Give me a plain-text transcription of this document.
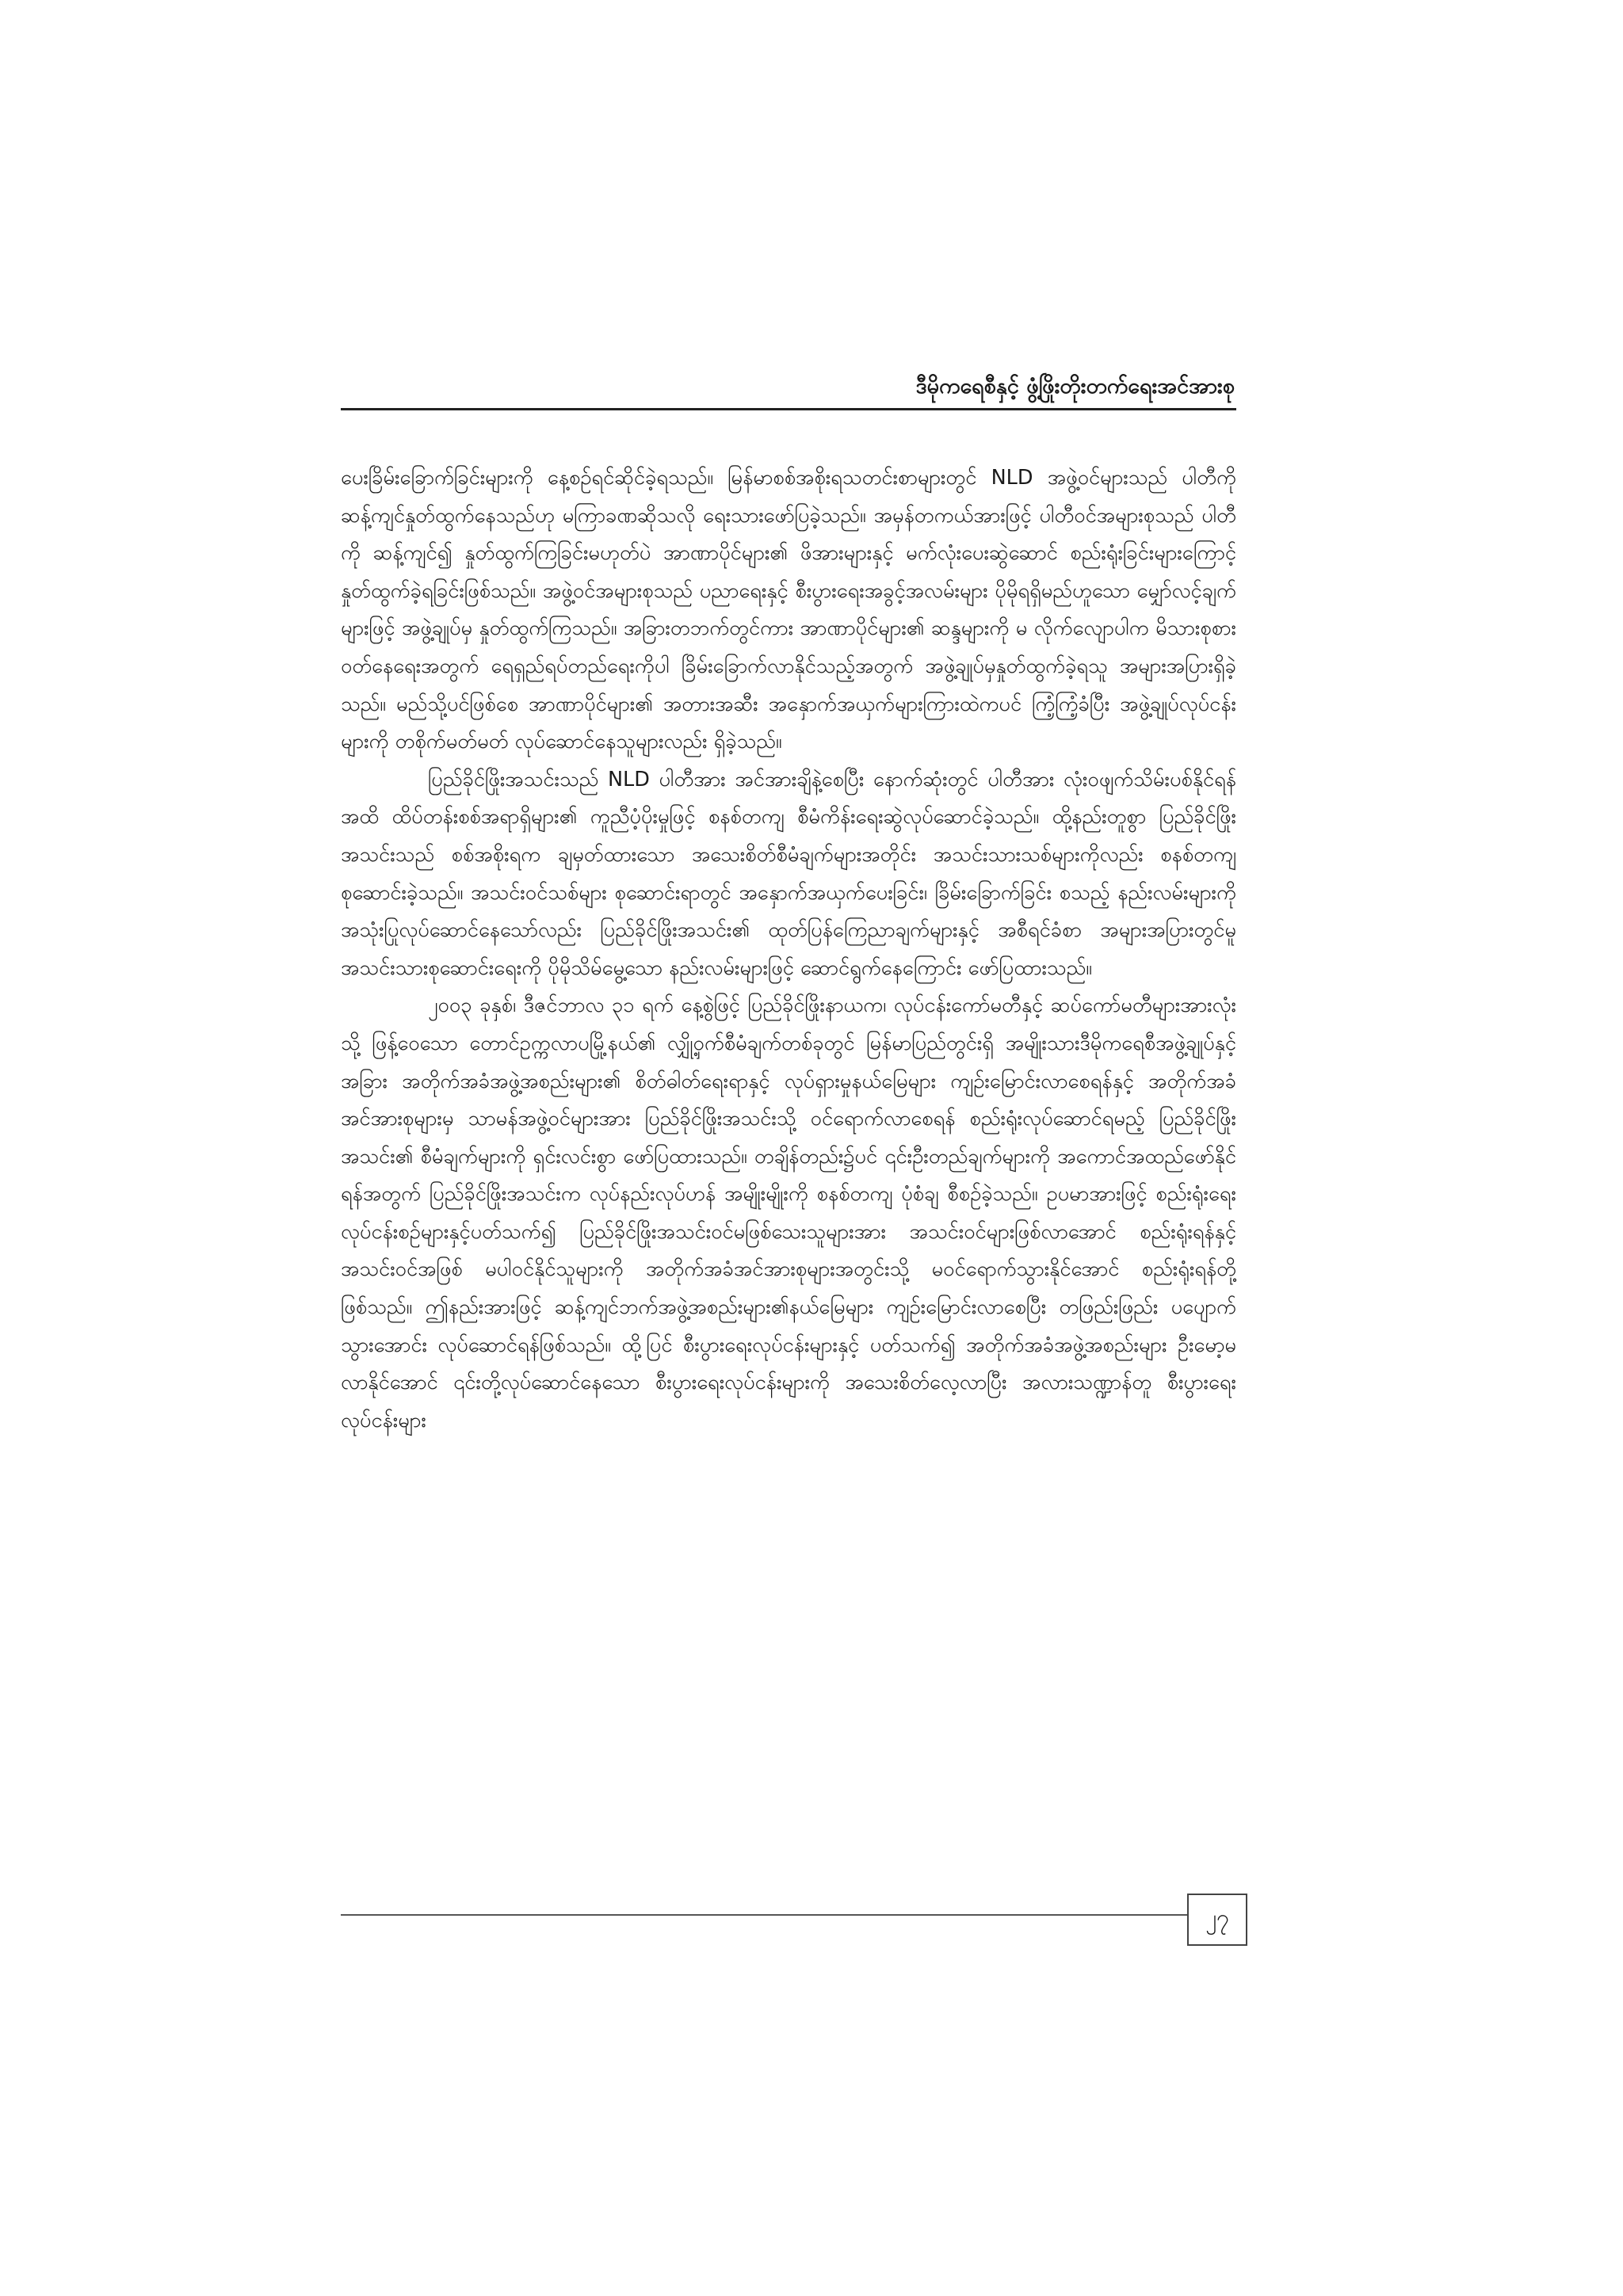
ဒီမိုကရေစီနှင့် ဖွံ့ဖြိုးတိုးတက်ရေးအင်အားစု

ပေးခြိမ်းခြောက်ခြင်းများကို နေ့စဉ်ရင်ဆိုင်ခဲ့ရသည်။ မြန်မာစစ်အစိုးရသတင်းစာများတွင် NLD အဖွဲ့ဝင်များသည် ပါတီကို ဆန့်ကျင်နှုတ်ထွက်နေသည်ဟု မကြာခဏဆိုသလို ရေးသားဖော်ပြခဲ့သည်။ အမှန်တကယ်အားဖြင့် ပါတီဝင်အများစုသည် ပါတီကို ဆန့်ကျင်၍ နှုတ်ထွက်ကြခြင်းမဟုတ်ပဲ အာဏာပိုင်များ၏ ဖိအားများနှင့် မက်လုံးပေးဆွဲဆောင် စည်းရုံးခြင်းများကြောင့် နှုတ်ထွက်ခဲ့ရခြင်းဖြစ်သည်။ အဖွဲ့ဝင်အများစုသည် ပညာရေးနှင့် စီးပွားရေးအခွင့်အလမ်းများ ပိုမိုရရှိမည်ဟူသော မျှော်လင့်ချက်များဖြင့် အဖွဲ့ချုပ်မှ နှုတ်ထွက်ကြသည်။ အခြားတဘက်တွင်ကား အာဏာပိုင်များ၏ ဆန္ဒများကို မ လိုက်လျောပါက မိသားစုစားဝတ်နေရေးအတွက် ရေရှည်ရပ်တည်ရေးကိုပါ ခြိမ်းခြောက်လာနိုင်သည့်အတွက် အဖွဲ့ချုပ်မှနှုတ်ထွက်ခဲ့ရသူ အများအပြားရှိခဲ့သည်။ မည်သို့ပင်ဖြစ်စေ အာဏာပိုင်များ၏ အတားအဆီး အနှောက်အယှက်များကြားထဲကပင် ကြံ့ကြံ့ခံပြီး အဖွဲ့ချုပ်လုပ်ငန်းများကို တစိုက်မတ်မတ် လုပ်ဆောင်နေသူများလည်း ရှိခဲ့သည်။

ပြည်ခိုင်ဖြိုးအသင်းသည် NLD ပါတီအား အင်အားချိနဲ့စေပြီး နောက်ဆုံးတွင် ပါတီအား လုံးဝဖျက်သိမ်းပစ်နိုင်ရန်အထိ ထိပ်တန်းစစ်အရာရှိများ၏ ကူညီပံ့ပိုးမှုဖြင့် စနစ်တကျ စီမံကိန်းရေးဆွဲလုပ်ဆောင်ခဲ့သည်။ ထို့နည်းတူစွာ ပြည်ခိုင်ဖြိုးအသင်းသည် စစ်အစိုးရက ချမှတ်ထားသော အသေးစိတ်စီမံချက်များအတိုင်း အသင်းသားသစ်များကိုလည်း စနစ်တကျ စုဆောင်းခဲ့သည်။ အသင်းဝင်သစ်များ စုဆောင်းရာတွင် အနှောက်အယှက်ပေးခြင်း၊ ခြိမ်းခြောက်ခြင်း စသည့် နည်းလမ်းများကို အသုံးပြုလုပ်ဆောင်နေသော်လည်း ပြည်ခိုင်ဖြိုးအသင်း၏ ထုတ်ပြန်ကြေညာချက်များနှင့် အစီရင်ခံစာ အများအပြားတွင်မူ အသင်းသားစုဆောင်းရေးကို ပိုမိုသိမ်မွေ့သော နည်းလမ်းများဖြင့် ဆောင်ရွက်နေကြောင်း ဖော်ပြထားသည်။

၂၀၀၃ ခုနှစ်၊ ဒီဇင်ဘာလ ၃၁ ရက် နေ့စွဲဖြင့် ပြည်ခိုင်ဖြိုးနာယက၊ လုပ်ငန်းကော်မတီနှင့် ဆပ်ကော်မတီများအားလုံးသို့ ဖြန့်ဝေသော တောင်ဥက္ကလာပမြို့နယ်၏ လျှို့ဝှက်စီမံချက်တစ်ခုတွင် မြန်မာပြည်တွင်းရှိ အမျိုးသားဒီမိုကရေစီအဖွဲ့ချုပ်နှင့် အခြား အတိုက်အခံအဖွဲ့အစည်းများ၏ စိတ်ဓါတ်ရေးရာနှင့် လုပ်ရှားမှုနယ်မြေများ ကျဉ်းမြောင်းလာစေရန်နှင့် အတိုက်အခံအင်အားစုများမှ သာမန်အဖွဲ့ဝင်များအား ပြည်ခိုင်ဖြိုးအသင်းသို့ ဝင်ရောက်လာစေရန် စည်းရုံးလုပ်ဆောင်ရမည့် ပြည်ခိုင်ဖြိုးအသင်း၏ စီမံချက်များကို ရှင်းလင်းစွာ ဖော်ပြထားသည်။ တချိန်တည်း၌ပင် ၎င်းဦးတည်ချက်များကို အကောင်အထည်ဖော်နိုင်ရန်အတွက် ပြည်ခိုင်ဖြိုးအသင်းက လုပ်နည်းလုပ်ဟန် အမျိုးမျိုးကို စနစ်တကျ ပုံစံချ စီစဉ်ခဲ့သည်။ ဥပမာအားဖြင့် စည်းရုံးရေးလုပ်ငန်းစဉ်များနှင့်ပတ်သက်၍ ပြည်ခိုင်ဖြိုးအသင်းဝင်မဖြစ်သေးသူများအား အသင်းဝင်များဖြစ်လာအောင် စည်းရုံးရန်နှင့် အသင်းဝင်အဖြစ် မပါဝင်နိုင်သူများကို အတိုက်အခံအင်အားစုများအတွင်းသို့ မဝင်ရောက်သွားနိုင်အောင် စည်းရုံးရန်တို့ဖြစ်သည်။ ဤနည်းအားဖြင့် ဆန့်ကျင်ဘက်အဖွဲ့အစည်းများ၏နယ်မြေများ ကျဉ်းမြောင်းလာစေပြီး တဖြည်းဖြည်း ပပျောက်သွားအောင်း လုပ်ဆောင်ရန်ဖြစ်သည်။ ထို့ပြင် စီးပွားရေးလုပ်ငန်းများနှင့် ပတ်သက်၍ အတိုက်အခံအဖွဲ့အစည်းများ ဦးမော့မလာနိုင်အောင် ၎င်းတို့လုပ်ဆောင်နေသော စီးပွားရေးလုပ်ငန်းများကို အသေးစိတ်လေ့လာပြီး အလားသဏ္ဍာန်တူ စီးပွားရေးလုပ်ငန်းများ

၂၇
